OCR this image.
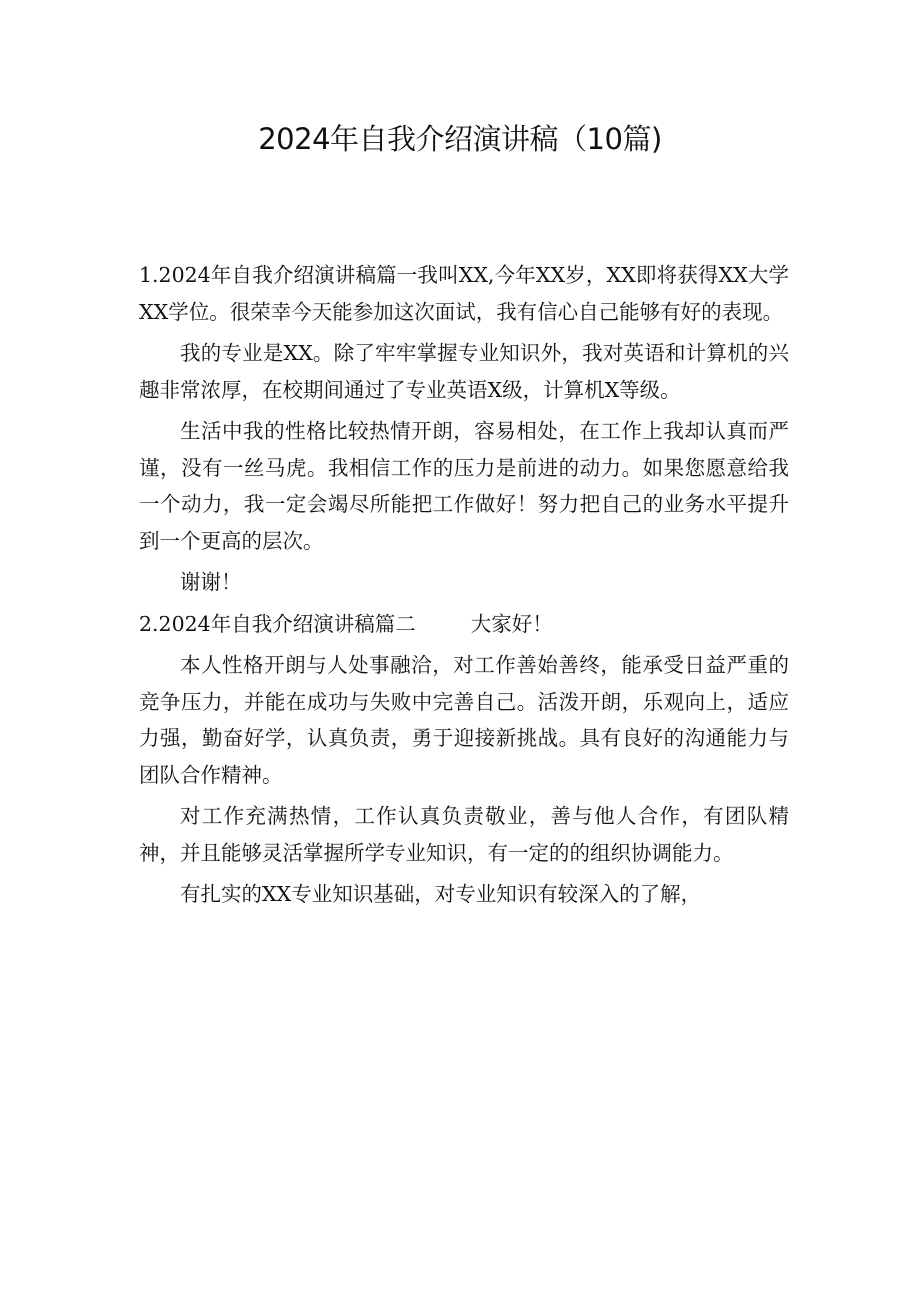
2024年自我介绍演讲稿（10篇)

1.2024年自我介绍演讲稿篇一我叫XX,今年XX岁，XX即将获得XX大学XX学位。很荣幸今天能参加这次面试，我有信心自己能够有好的表现。

我的专业是XX。除了牢牢掌握专业知识外，我对英语和计算机的兴趣非常浓厚，在校期间通过了专业英语X级，计算机X等级。

生活中我的性格比较热情开朗，容易相处，在工作上我却认真而严谨，没有一丝马虎。我相信工作的压力是前进的动力。如果您愿意给我一个动力，我一定会竭尽所能把工作做好！努力把自己的业务水平提升到一个更高的层次。

谢谢！

2.2024年自我介绍演讲稿篇二	大家好！

本人性格开朗与人处事融洽，对工作善始善终，能承受日益严重的竞争压力，并能在成功与失败中完善自己。活泼开朗，乐观向上，适应力强，勤奋好学，认真负责，勇于迎接新挑战。具有良好的沟通能力与团队合作精神。

对工作充满热情，工作认真负责敬业，善与他人合作，有团队精神，并且能够灵活掌握所学专业知识，有一定的的组织协调能力。

有扎实的XX专业知识基础，对专业知识有较深入的了解，
